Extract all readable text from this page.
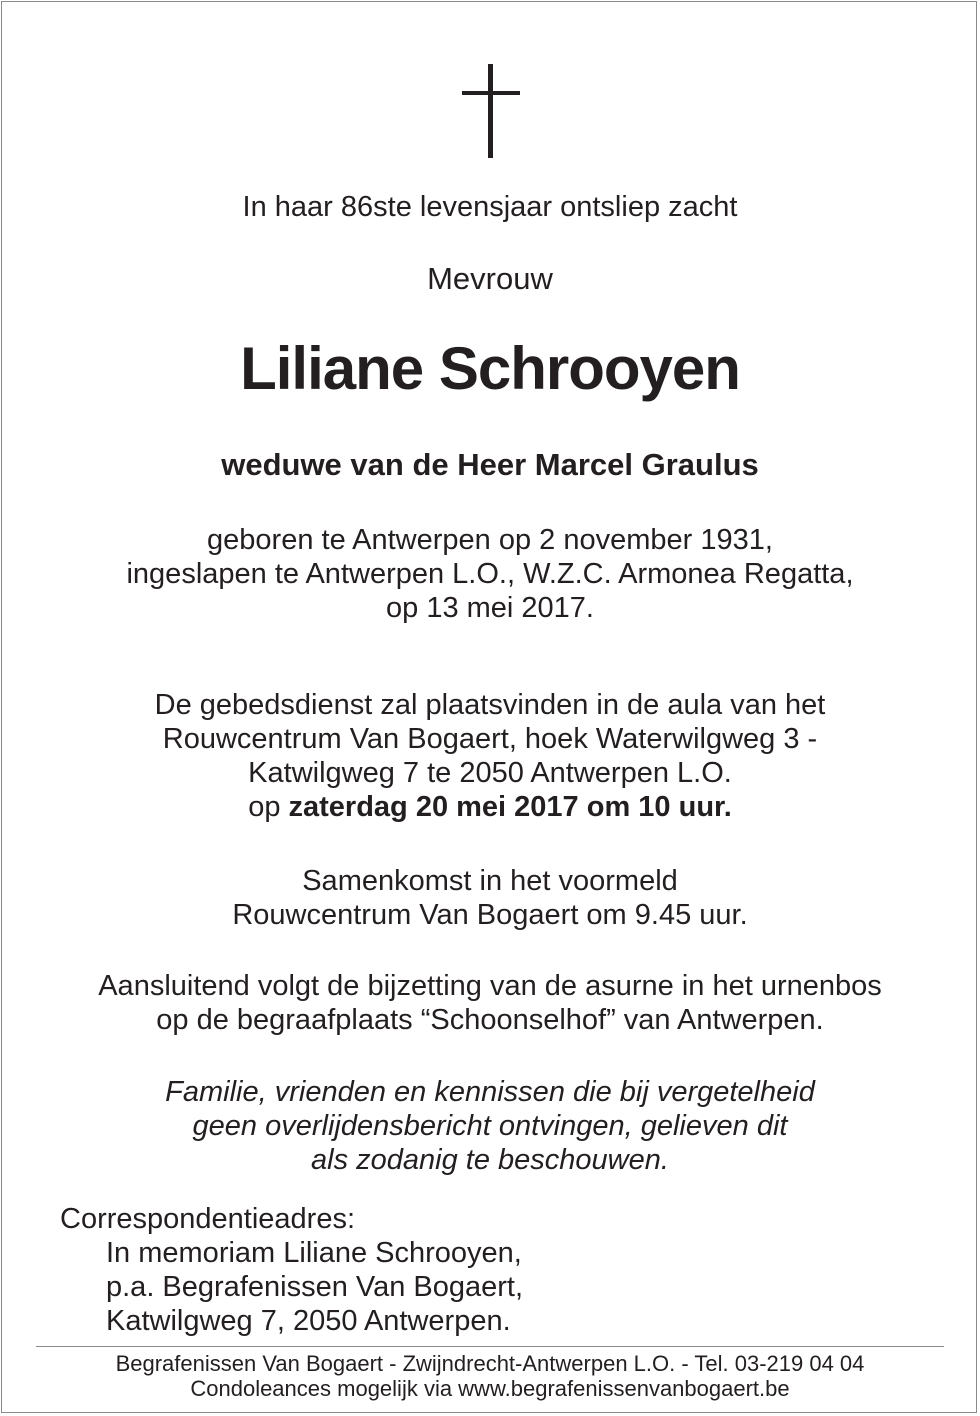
In haar 86ste levensjaar ontsliep zacht
Mevrouw
Liliane Schrooyen
weduwe van de Heer Marcel Graulus
geboren te Antwerpen op 2 november 1931,
ingeslapen te Antwerpen L.O., W.Z.C. Armonea Regatta,
op 13 mei 2017.
De gebedsdienst zal plaatsvinden in de aula van het
Rouwcentrum Van Bogaert, hoek Waterwilgweg 3 -
Katwilgweg 7 te 2050 Antwerpen L.O.
op zaterdag 20 mei 2017 om 10 uur.
Samenkomst in het voormeld
Rouwcentrum Van Bogaert om 9.45 uur.
Aansluitend volgt de bijzetting van de asurne in het urnenbos
op de begraafplaats “Schoonselhof” van Antwerpen.
Familie, vrienden en kennissen die bij vergetelheid
geen overlijdensbericht ontvingen, gelieven dit
als zodanig te beschouwen.
Correspondentieadres:
In memoriam Liliane Schrooyen,
p.a. Begrafenissen Van Bogaert,
Katwilgweg 7, 2050 Antwerpen.
Begrafenissen Van Bogaert - Zwijndrecht-Antwerpen L.O. - Tel. 03-219 04 04
Condoleances mogelijk via www.begrafenissenvanbogaert.be
